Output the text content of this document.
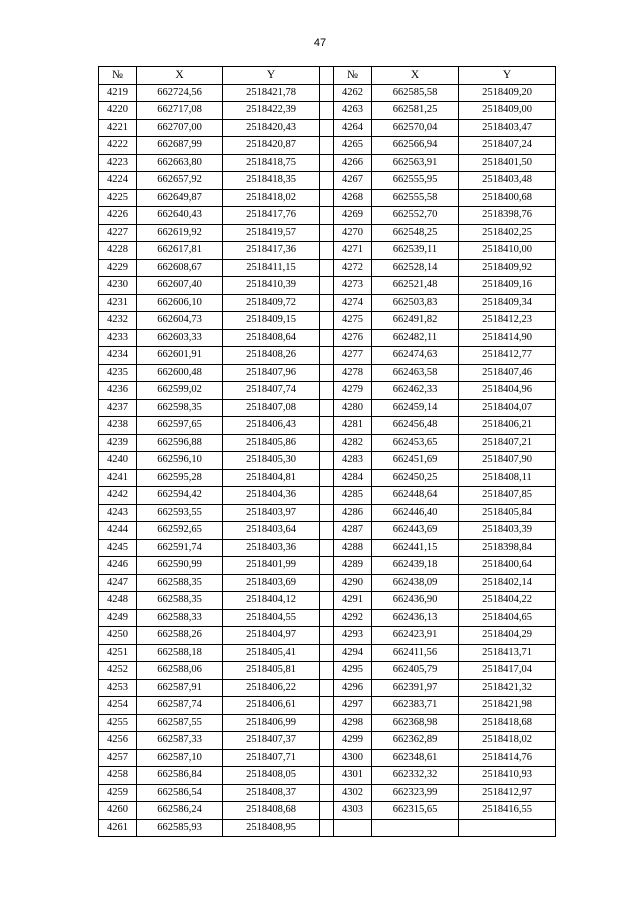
47
№	X	Y		№	X	Y
4219	662724,56	2518421,78		4262	662585,58	2518409,20
4220	662717,08	2518422,39		4263	662581,25	2518409,00
4221	662707,00	2518420,43		4264	662570,04	2518403,47
4222	662687,99	2518420,87		4265	662566,94	2518407,24
4223	662663,80	2518418,75		4266	662563,91	2518401,50
4224	662657,92	2518418,35		4267	662555,95	2518403,48
4225	662649,87	2518418,02		4268	662555,58	2518400,68
4226	662640,43	2518417,76		4269	662552,70	2518398,76
4227	662619,92	2518419,57		4270	662548,25	2518402,25
4228	662617,81	2518417,36		4271	662539,11	2518410,00
4229	662608,67	2518411,15		4272	662528,14	2518409,92
4230	662607,40	2518410,39		4273	662521,48	2518409,16
4231	662606,10	2518409,72		4274	662503,83	2518409,34
4232	662604,73	2518409,15		4275	662491,82	2518412,23
4233	662603,33	2518408,64		4276	662482,11	2518414,90
4234	662601,91	2518408,26		4277	662474,63	2518412,77
4235	662600,48	2518407,96		4278	662463,58	2518407,46
4236	662599,02	2518407,74		4279	662462,33	2518404,96
4237	662598,35	2518407,08		4280	662459,14	2518404,07
4238	662597,65	2518406,43		4281	662456,48	2518406,21
4239	662596,88	2518405,86		4282	662453,65	2518407,21
4240	662596,10	2518405,30		4283	662451,69	2518407,90
4241	662595,28	2518404,81		4284	662450,25	2518408,11
4242	662594,42	2518404,36		4285	662448,64	2518407,85
4243	662593,55	2518403,97		4286	662446,40	2518405,84
4244	662592,65	2518403,64		4287	662443,69	2518403,39
4245	662591,74	2518403,36		4288	662441,15	2518398,84
4246	662590,99	2518401,99		4289	662439,18	2518400,64
4247	662588,35	2518403,69		4290	662438,09	2518402,14
4248	662588,35	2518404,12		4291	662436,90	2518404,22
4249	662588,33	2518404,55		4292	662436,13	2518404,65
4250	662588,26	2518404,97		4293	662423,91	2518404,29
4251	662588,18	2518405,41		4294	662411,56	2518413,71
4252	662588,06	2518405,81		4295	662405,79	2518417,04
4253	662587,91	2518406,22		4296	662391,97	2518421,32
4254	662587,74	2518406,61		4297	662383,71	2518421,98
4255	662587,55	2518406,99		4298	662368,98	2518418,68
4256	662587,33	2518407,37		4299	662362,89	2518418,02
4257	662587,10	2518407,71		4300	662348,61	2518414,76
4258	662586,84	2518408,05		4301	662332,32	2518410,93
4259	662586,54	2518408,37		4302	662323,99	2518412,97
4260	662586,24	2518408,68		4303	662315,65	2518416,55
4261	662585,93	2518408,95				
